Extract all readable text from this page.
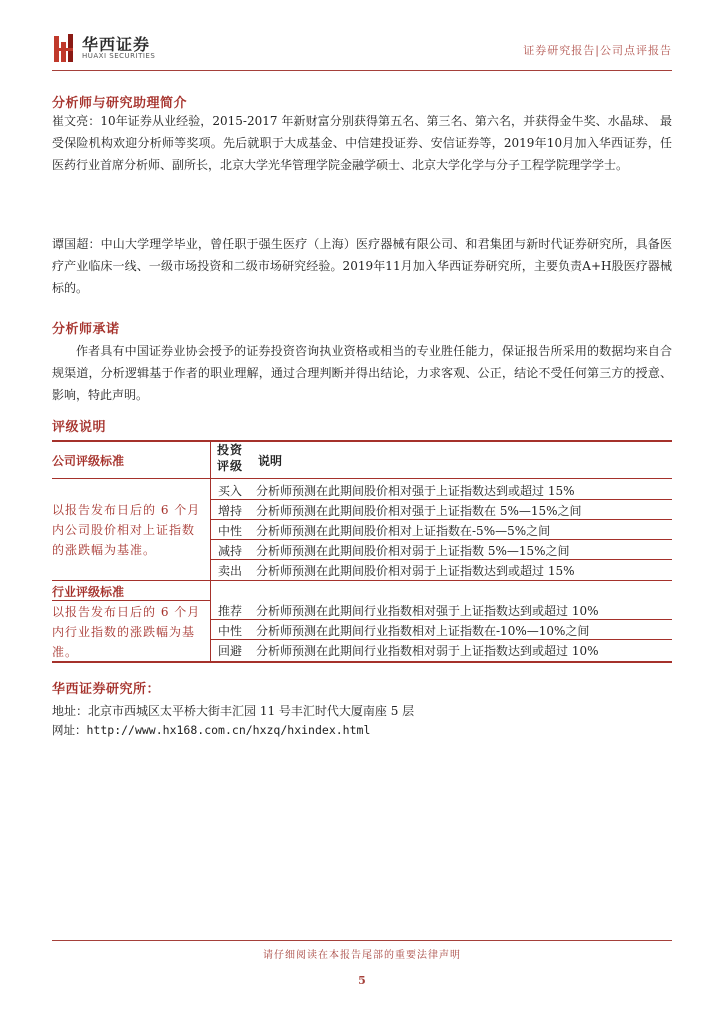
华西证券
HUAXI SECURITIES	证券研究报告|公司点评报告
分析师与研究助理简介
崔文亮：10年证券从业经验，2015-2017 年新财富分别获得第五名、第三名、第六名，并获得金牛奖、水晶球、 最受保险机构欢迎分析师等奖项。先后就职于大成基金、中信建投证券、安信证券等，2019年10月加入华西证券，任医药行业首席分析师、副所长，北京大学光华管理学院金融学硕士、北京大学化学与分子工程学院理学学士。
谭国超：中山大学理学毕业，曾任职于强生医疗（上海）医疗器械有限公司、和君集团与新时代证券研究所，具备医疗产业临床一线、一级市场投资和二级市场研究经验。2019年11月加入华西证券研究所，主要负责A+H股医疗器械标的。
分析师承诺
作者具有中国证券业协会授予的证券投资咨询执业资格或相当的专业胜任能力，保证报告所采用的数据均来自合规渠道，分析逻辑基于作者的职业理解，通过合理判断并得出结论，力求客观、公正，结论不受任何第三方的授意、影响，特此声明。
评级说明
公司评级标准
投资评级	说明
以报告发布日后的 6 个月内公司股价相对上证指数的涨跌幅为基准。
买入	分析师预测在此期间股价相对强于上证指数达到或超过 15%
增持	分析师预测在此期间股价相对强于上证指数在 5%—15%之间
中性	分析师预测在此期间股价相对上证指数在-5%—5%之间
减持	分析师预测在此期间股价相对弱于上证指数 5%—15%之间
卖出	分析师预测在此期间股价相对弱于上证指数达到或超过 15%
行业评级标准
以报告发布日后的 6 个月内行业指数的涨跌幅为基准。
推荐	分析师预测在此期间行业指数相对强于上证指数达到或超过 10%
中性	分析师预测在此期间行业指数相对上证指数在-10%—10%之间
回避	分析师预测在此期间行业指数相对弱于上证指数达到或超过 10%
华西证券研究所：
地址：北京市西城区太平桥大街丰汇园 11 号丰汇时代大厦南座 5 层
网址：http://www.hx168.com.cn/hxzq/hxindex.html
请仔细阅读在本报告尾部的重要法律声明
5
